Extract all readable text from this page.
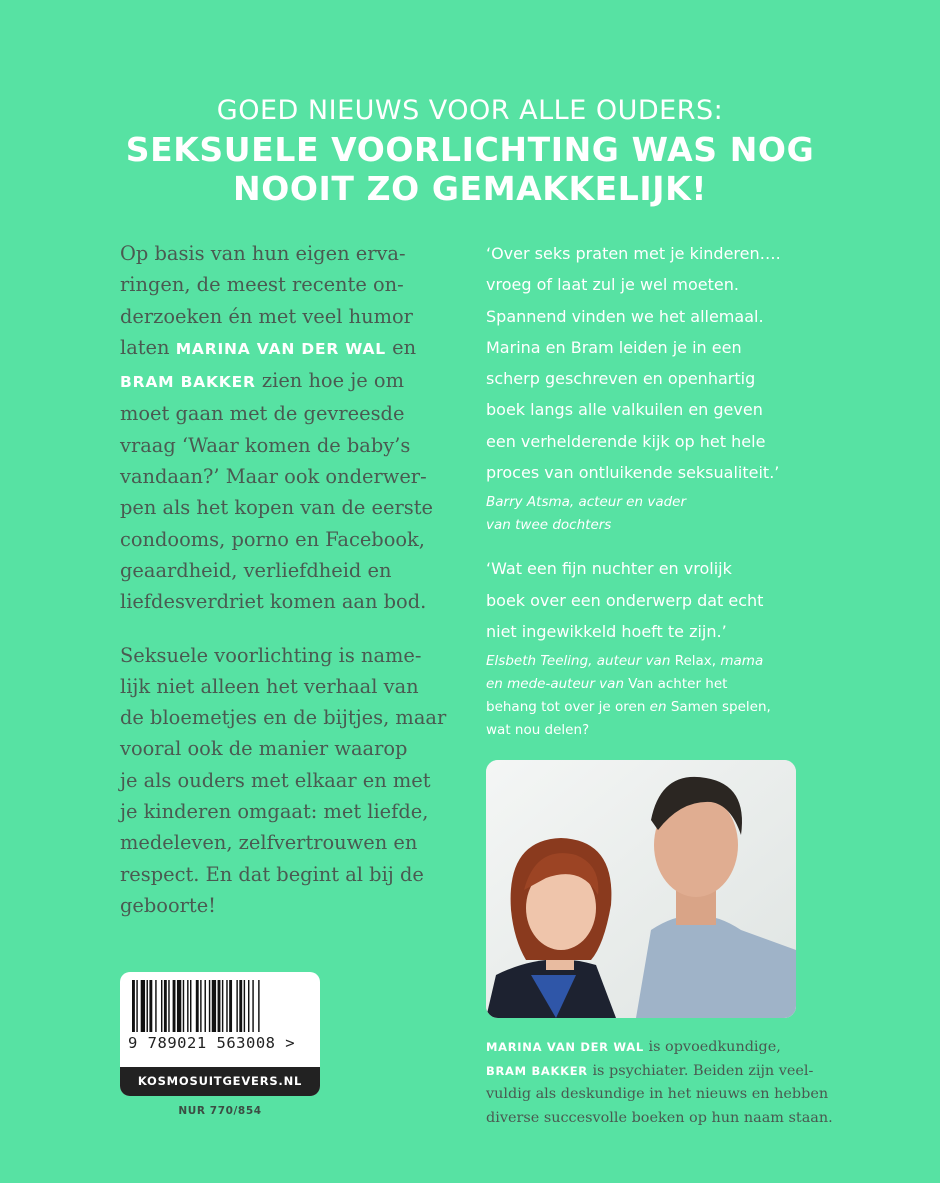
GOED NIEUWS VOOR ALLE OUDERS:
SEKSUELE VOORLICHTING WAS NOG
NOOIT ZO GEMAKKELIJK!

Op basis van hun eigen erva-
ringen, de meest recente on-
derzoeken én met veel humor
laten MARINA VAN DER WAL en
BRAM BAKKER zien hoe je om
moet gaan met de gevreesde
vraag ‘Waar komen de baby’s
vandaan?’ Maar ook onderwer-
pen als het kopen van de eerste
condooms, porno en Facebook,
geaardheid, verliefdheid en
liefdesverdriet komen aan bod.

Seksuele voorlichting is name-
lijk niet alleen het verhaal van
de bloemetjes en de bijtjes, maar
vooral ook de manier waarop
je als ouders met elkaar en met
je kinderen omgaat: met liefde,
medeleven, zelfvertrouwen en
respect. En dat begint al bij de
geboorte!

‘Over seks praten met je kinderen….
vroeg of laat zul je wel moeten.
Spannend vinden we het allemaal.
Marina en Bram leiden je in een
scherp geschreven en openhartig
boek langs alle valkuilen en geven
een verhelderende kijk op het hele
proces van ontluikende seksualiteit.’
Barry Atsma, acteur en vader
van twee dochters
‘Wat een fijn nuchter en vrolijk
boek over een onderwerp dat echt
niet ingewikkeld hoeft te zijn.’
Elsbeth Teeling, auteur van Relax, mama
en mede-auteur van Van achter het
behang tot over je oren en Samen spelen,
wat nou delen?
MARINA VAN DER WAL is opvoedkundige,
BRAM BAKKER is psychiater. Beiden zijn veel-
vuldig als deskundige in het nieuws en hebben
diverse succesvolle boeken op hun naam staan.
9 789021 563008 >
KOSMOSUITGEVERS.NL
NUR 770/854
